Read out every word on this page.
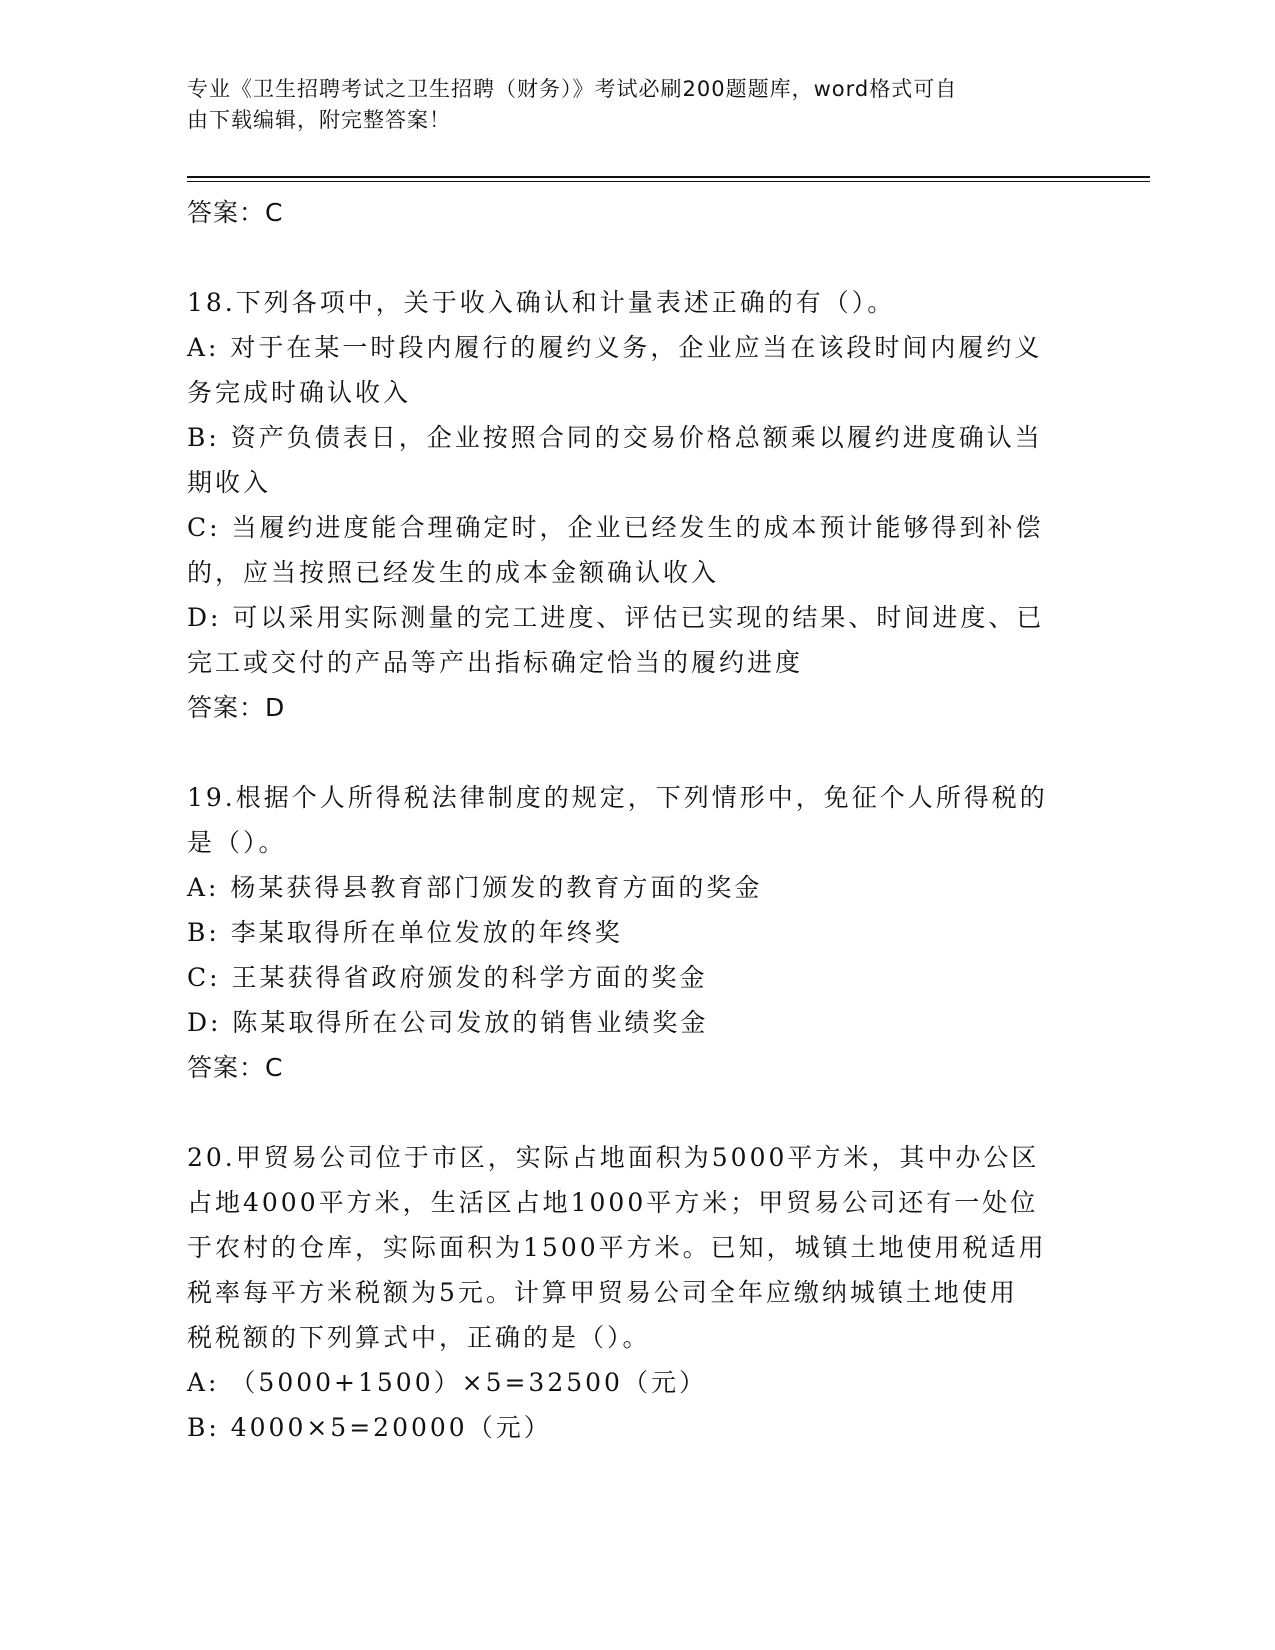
专业《卫生招聘考试之卫生招聘（财务）》考试必刷200题题库，word格式可自
由下载编辑，附完整答案！
答案：C
18.下列各项中，关于收入确认和计量表述正确的有（）。
A: 对于在某一时段内履行的履约义务，企业应当在该段时间内履约义
务完成时确认收入
B: 资产负债表日，企业按照合同的交易价格总额乘以履约进度确认当
期收入
C: 当履约进度能合理确定时，企业已经发生的成本预计能够得到补偿
的，应当按照已经发生的成本金额确认收入
D: 可以采用实际测量的完工进度、评估已实现的结果、时间进度、已
完工或交付的产品等产出指标确定恰当的履约进度
答案：D
19.根据个人所得税法律制度的规定，下列情形中，免征个人所得税的
是（）。
A: 杨某获得县教育部门颁发的教育方面的奖金
B: 李某取得所在单位发放的年终奖
C: 王某获得省政府颁发的科学方面的奖金
D: 陈某取得所在公司发放的销售业绩奖金
答案：C
20.甲贸易公司位于市区，实际占地面积为5000平方米，其中办公区
占地4000平方米，生活区占地1000平方米；甲贸易公司还有一处位
于农村的仓库，实际面积为1500平方米。已知，城镇土地使用税适用
税率每平方米税额为5元。计算甲贸易公司全年应缴纳城镇土地使用
税税额的下列算式中，正确的是（）。
A: （5000+1500）×5=32500（元）
B: 4000×5=20000（元）
